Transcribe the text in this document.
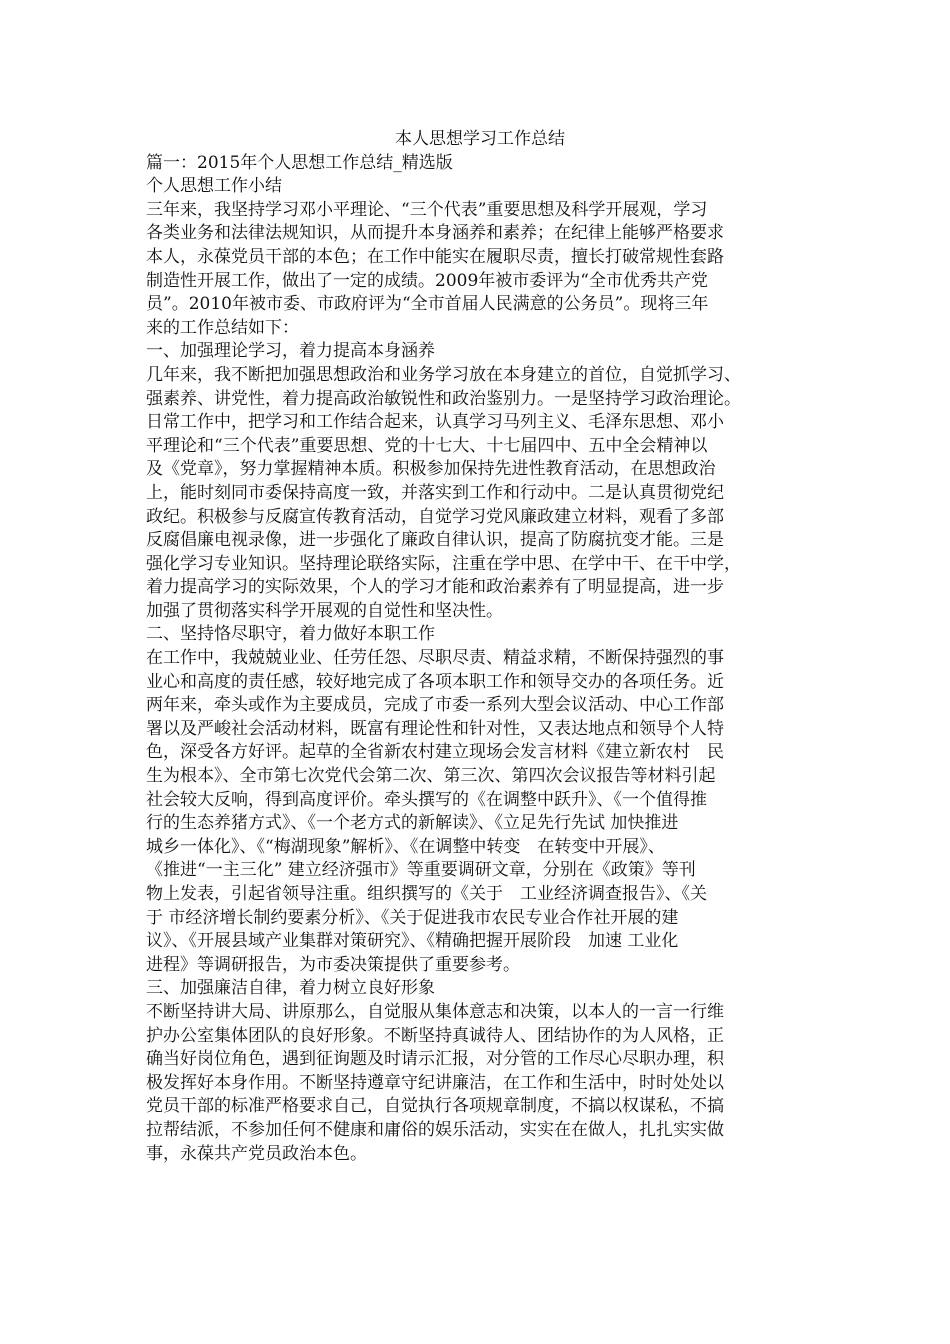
本人思想学习工作总结

篇一：2015年个人思想工作总结_精选版

个人思想工作小结

三年来，我坚持学习邓小平理论、“三个代表”重要思想及科学开展观，学习

各类业务和法律法规知识，从而提升本身涵养和素养；在纪律上能够严格要求

本人，永葆党员干部的本色；在工作中能实在履职尽责，擅长打破常规性套路

制造性开展工作，做出了一定的成绩。2009年被市委评为“全市优秀共产党

员”。2010年被市委、市政府评为“全市首届人民满意的公务员”。现将三年

来的工作总结如下：

一、加强理论学习，着力提高本身涵养

几年来，我不断把加强思想政治和业务学习放在本身建立的首位，自觉抓学习、

强素养、讲党性，着力提高政治敏锐性和政治鉴别力。一是坚持学习政治理论。

日常工作中，把学习和工作结合起来，认真学习马列主义、毛泽东思想、邓小

平理论和“三个代表”重要思想、党的十七大、十七届四中、五中全会精神以

及《党章》，努力掌握精神本质。积极参加保持先进性教育活动，在思想政治

上，能时刻同市委保持高度一致，并落实到工作和行动中。二是认真贯彻党纪

政纪。积极参与反腐宣传教育活动，自觉学习党风廉政建立材料，观看了多部

反腐倡廉电视录像，进一步强化了廉政自律认识，提高了防腐抗变才能。三是

强化学习专业知识。坚持理论联络实际，注重在学中思、在学中干、在干中学，

着力提高学习的实际效果，个人的学习才能和政治素养有了明显提高，进一步

加强了贯彻落实科学开展观的自觉性和坚决性。

二、坚持恪尽职守，着力做好本职工作

在工作中，我兢兢业业、任劳任怨、尽职尽责、精益求精，不断保持强烈的事

业心和高度的责任感，较好地完成了各项本职工作和领导交办的各项任务。近

两年来，牵头或作为主要成员，完成了市委一系列大型会议活动、中心工作部

署以及严峻社会活动材料，既富有理论性和针对性，又表达地点和领导个人特

色，深受各方好评。起草的全省新农村建立现场会发言材料《建立新农村　民

生为根本》、全市第七次党代会第二次、第三次、第四次会议报告等材料引起

社会较大反响，得到高度评价。牵头撰写的《在调整中跃升》、《一个值得推

行的生态养猪方式》、《一个老方式的新解读》、《立足先行先试 加快推进

城乡一体化》、《“梅湖现象”解析》、《在调整中转变　在转变中开展》、

《推进“一主三化” 建立经济强市》等重要调研文章，分别在《政策》等刊

物上发表，引起省领导注重。组织撰写的《关于　工业经济调查报告》、《关

于 市经济增长制约要素分析》、《关于促进我市农民专业合作社开展的建

议》、《开展县域产业集群对策研究》、《精确把握开展阶段　加速 工业化

进程》等调研报告，为市委决策提供了重要参考。

三、加强廉洁自律，着力树立良好形象

不断坚持讲大局、讲原那么，自觉服从集体意志和决策，以本人的一言一行维

护办公室集体团队的良好形象。不断坚持真诚待人、团结协作的为人风格，正

确当好岗位角色，遇到征询题及时请示汇报，对分管的工作尽心尽职办理，积

极发挥好本身作用。不断坚持遵章守纪讲廉洁，在工作和生活中，时时处处以

党员干部的标准严格要求自己，自觉执行各项规章制度，不搞以权谋私，不搞

拉帮结派，不参加任何不健康和庸俗的娱乐活动，实实在在做人，扎扎实实做

事，永葆共产党员政治本色。
